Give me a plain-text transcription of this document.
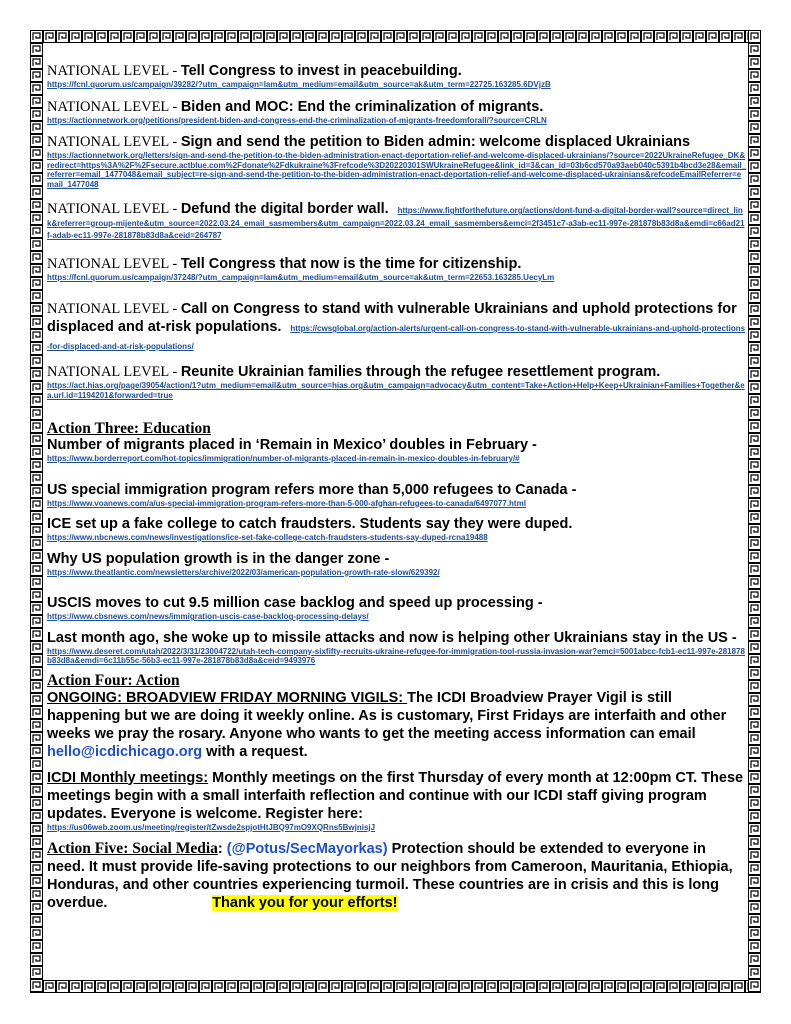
NATIONAL LEVEL - Tell Congress to invest in peacebuilding.
https://fcnl.quorum.us/campaign/39282/?utm_campaign=lam&utm_medium=email&utm_source=ak&utm_term=22725.163285.6DVjzB
NATIONAL LEVEL - Biden and MOC: End the criminalization of migrants.
https://actionnetwork.org/petitions/president-biden-and-congress-end-the-criminalization-of-migrants-freedomforall/?source=CRLN
NATIONAL LEVEL - Sign and send the petition to Biden admin: welcome displaced Ukrainians
https://actionnetwork.org/letters/sign-and-send-the-petition-to-the-biden-administration-enact-deportation-relief-and-welcome-displaced-ukrainians/?source=2022UkraineRefugee_DK&redirect=https%3A%2F%2Fsecure.actblue.com%2Fdonate%2Fdkukraine%3Frefcode%3D20220301SWUkraineRefugee&link_id=3&can_id=03b6cd570a93aeb040c5391b4bcd3e28&email_referrer=email_1477048&email_subject=re-sign-and-send-the-petition-to-the-biden-administration-enact-deportation-relief-and-welcome-displaced-ukrainians&refcodeEmailReferrer=email_1477048
NATIONAL LEVEL - Defund the digital border wall. https://www.fightforthefuture.org/actions/dont-fund-a-digital-border-wall?source=direct_link&referrer=group-mijente&utm_source=2022.03.24_email_sasmembers&utm_campaign=2022.03.24_email_sasmembers&emci=2f3451c7-a3ab-ec11-997e-281878b83d8a&emdi=c66ad21f-adab-ec11-997e-281878b83d8a&ceid=264787
NATIONAL LEVEL - Tell Congress that now is the time for citizenship.
https://fcnl.quorum.us/campaign/37248/?utm_campaign=lam&utm_medium=email&utm_source=ak&utm_term=22653.163285.UecyLm
NATIONAL LEVEL - Call on Congress to stand with vulnerable Ukrainians and uphold protections for displaced and at-risk populations. https://cwsglobal.org/action-alerts/urgent-call-on-congress-to-stand-with-vulnerable-ukrainians-and-uphold-protections-for-displaced-and-at-risk-populations/
NATIONAL LEVEL - Reunite Ukrainian families through the refugee resettlement program.
https://act.hias.org/page/39054/action/1?utm_medium=email&utm_source=hias.org&utm_campaign=advocacy&utm_content=Take+Action+Help+Keep+Ukrainian+Families+Together&ea.url.id=1194201&forwarded=true
Action Three: Education
Number of migrants placed in ‘Remain in Mexico’ doubles in February -
https://www.borderreport.com/hot-topics/immigration/number-of-migrants-placed-in-remain-in-mexico-doubles-in-february/#
US special immigration program refers more than 5,000 refugees to Canada -
https://www.voanews.com/a/us-special-immigration-program-refers-more-than-5-000-afghan-refugees-to-canada/6497077.html
ICE set up a fake college to catch fraudsters. Students say they were duped.
https://www.nbcnews.com/news/investigations/ice-set-fake-college-catch-fraudsters-students-say-duped-rcna19488
Why US population growth is in the danger zone -
https://www.theatlantic.com/newsletters/archive/2022/03/american-population-growth-rate-slow/629392/
USCIS moves to cut 9.5 million case backlog and speed up processing -
https://www.cbsnews.com/news/immigration-uscis-case-backlog-processing-delays/
Last month ago, she woke up to missile attacks and now is helping other Ukrainians stay in the US -
https://www.deseret.com/utah/2022/3/31/23004722/utah-tech-company-sixfifty-recruits-ukraine-refugee-for-immigration-tool-russia-invasion-war?emci=5001abcc-fcb1-ec11-997e-281878b83d8a&emdi=6c11b55c-56b3-ec11-997e-281878b83d8a&ceid=9493976
Action Four: Action
ONGOING: BROADVIEW FRIDAY MORNING VIGILS: The ICDI Broadview Prayer Vigil is still happening but we are doing it weekly online. As is customary, First Fridays are interfaith and other weeks we pray the rosary. Anyone who wants to get the meeting access information can email hello@icdichicago.org with a request.
ICDI Monthly meetings: Monthly meetings on the first Thursday of every month at 12:00pm CT. These meetings begin with a small interfaith reflection and continue with our ICDI staff giving program updates. Everyone is welcome. Register here:
https://us06web.zoom.us/meeting/register/tZwsde2spjotHtJBQ97mO9XQRns5BwjnisjJ
Action Five: Social Media: (@Potus/SecMayorkas) Protection should be extended to everyone in need. It must provide life-saving protections to our neighbors from Cameroon, Mauritania, Ethiopia, Honduras, and other countries experiencing turmoil. These countries are in crisis and this is long overdue.	Thank you for your efforts!
